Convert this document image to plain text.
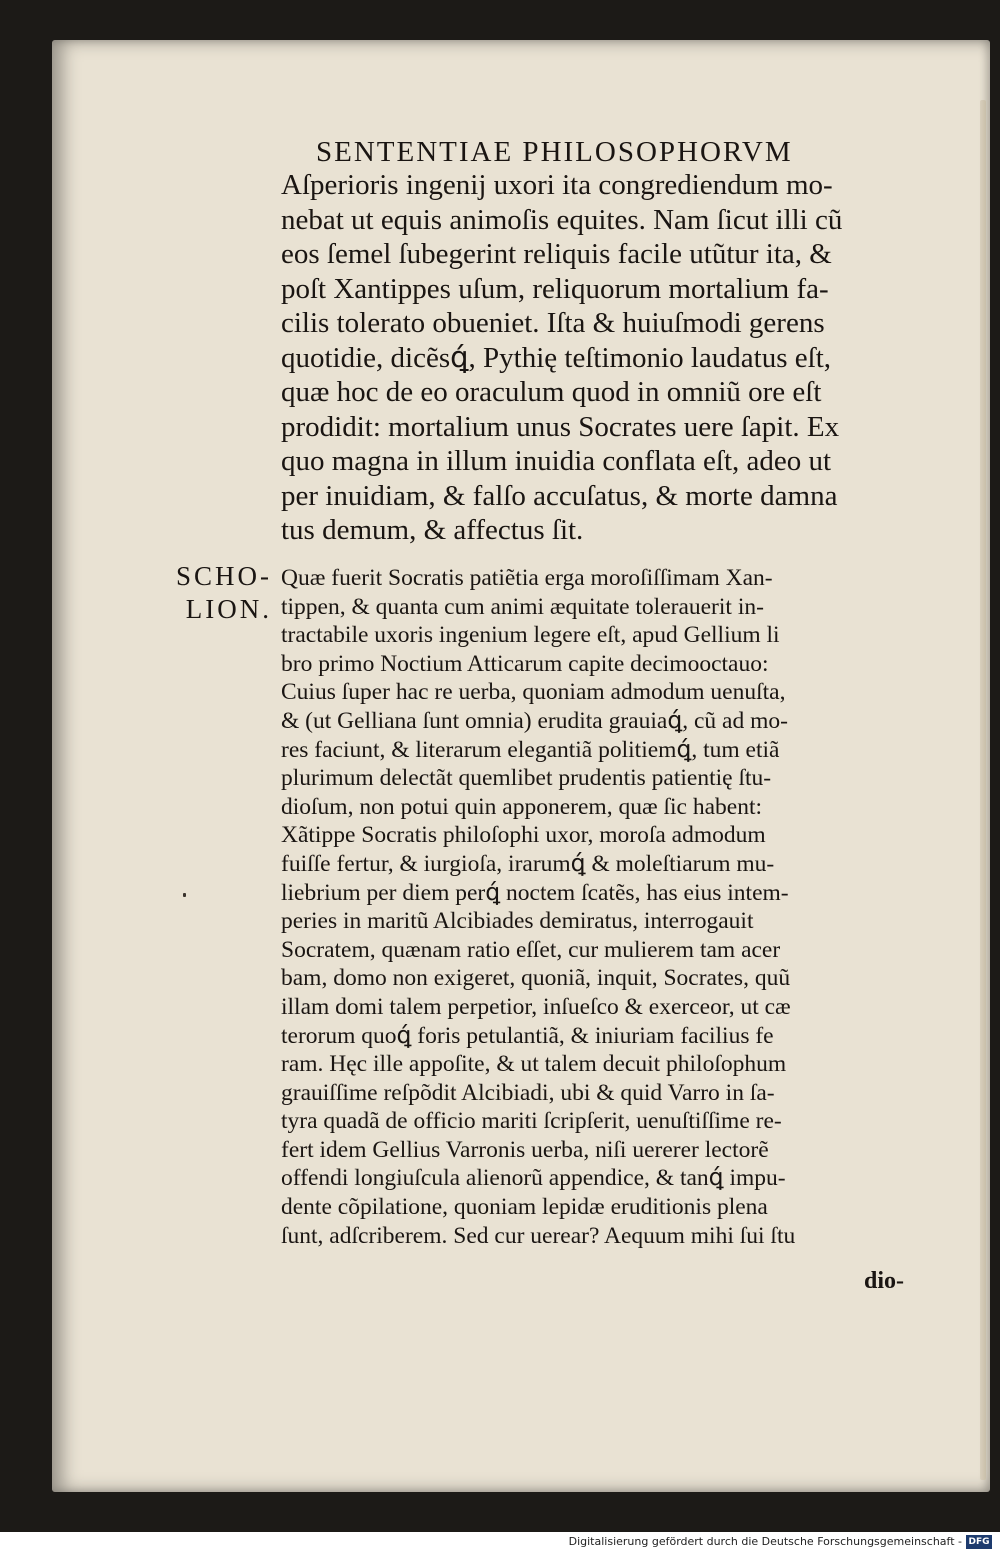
SENTENTIAE PHILOSOPHORVM
Aſperioris ingenij uxori ita congrediendum mo-
nebat ut equis animoſis equites. Nam ſicut illi cũ
eos ſemel ſubegerint reliquis facile utũtur ita, &
poſt Xantippes uſum, reliquorum mortalium fa-
cilis tolerato obueniet. Iſta & huiuſmodi gerens
quotidie, dicẽsꝗ́, Pythię teſtimonio laudatus eſt,
quæ hoc de eo oraculum quod in omniũ ore eſt
prodidit: mortalium unus Socrates uere ſapit. Ex
quo magna in illum inuidia conflata eſt, adeo ut
per inuidiam, & falſo accuſatus, & morte damna
tus demum, & affectus ſit.
SCHO-
LION.
Quæ fuerit Socratis patiẽtia erga moroſiſſimam Xan-
tippen, & quanta cum animi æquitate tolerauerit in-
tractabile uxoris ingenium legere eſt, apud Gellium li
bro primo Noctium Atticarum capite decimooctauo:
Cuius ſuper hac re uerba, quoniam admodum uenuſta,
& (ut Gelliana ſunt omnia) erudita grauiaꝗ́, cũ ad mo-
res faciunt, & literarum elegantiã politiemꝗ́, tum etiã
plurimum delectãt quemlibet prudentis patientię ſtu-
dioſum, non potui quin apponerem, quæ ſic habent:
Xãtippe Socratis philoſophi uxor, moroſa admodum
fuiſſe fertur, & iurgioſa, irarumꝗ́ & moleſtiarum mu-
liebrium per diem perꝗ́ noctem ſcatẽs, has eius intem-
peries in maritũ Alcibiades demiratus, interrogauit
Socratem, quænam ratio eſſet, cur mulierem tam acer
bam, domo non exigeret, quoniã, inquit, Socrates, quũ
illam domi talem perpetior, inſueſco & exerceor, ut cæ
terorum quoꝗ́ foris petulantiã, & iniuriam facilius fe
ram. Hęc ille appoſite, & ut talem decuit philoſophum
grauiſſime reſpõdit Alcibiadi, ubi & quid Varro in ſa-
tyra quadã de officio mariti ſcripſerit, uenuſtiſſime re-
fert idem Gellius Varronis uerba, niſi uererer lectorẽ
offendi longiuſcula alienorũ appendice, & tanꝗ́ impu-
dente cõpilatione, quoniam lepidæ eruditionis plena
ſunt, adſcriberem. Sed cur uerear? Aequum mihi ſui ſtu
dio-
Digitalisierung gefördert durch die Deutsche Forschungsgemeinschaft - DFG
